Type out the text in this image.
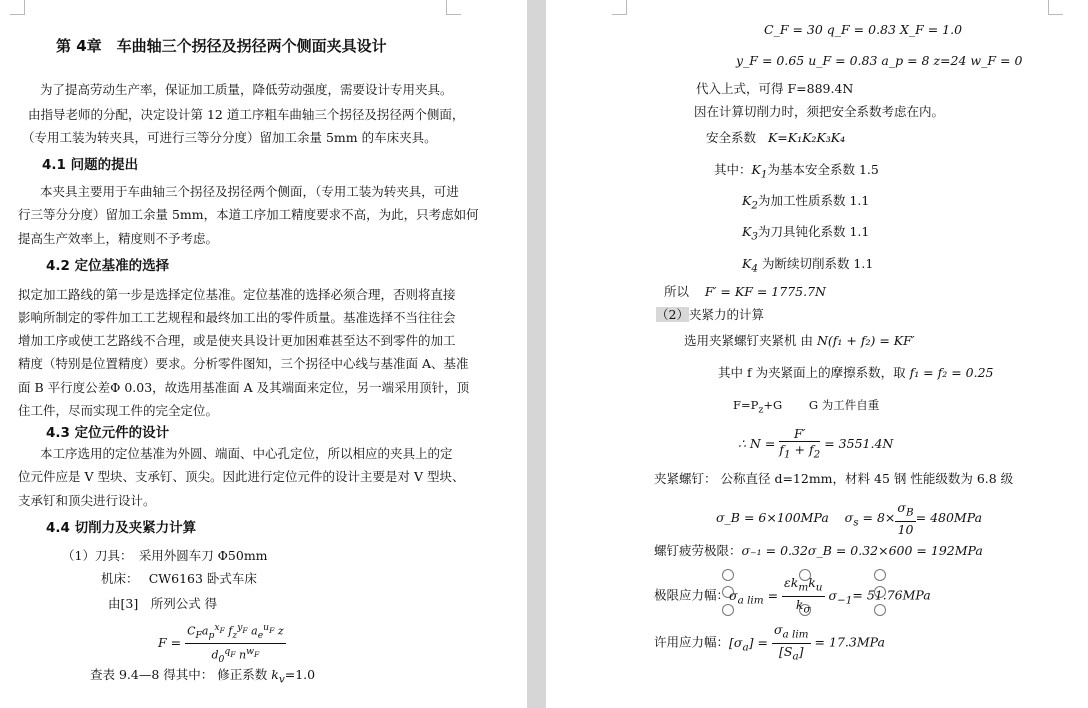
第 4章　车曲轴三个拐径及拐径两个侧面夹具设计
为了提高劳动生产率，保证加工质量，降低劳动强度，需要设计专用夹具。
由指导老师的分配，决定设计第 12 道工序粗车曲轴三个拐径及拐径两个侧面，
（专用工装为转夹具，可进行三等分分度）留加工余量 5mm 的车床夹具。
4.1 问题的提出
本夹具主要用于车曲轴三个拐径及拐径两个侧面，（专用工装为转夹具，可进
行三等分分度）留加工余量 5mm，本道工序加工精度要求不高，为此，只考虑如何
提高生产效率上，精度则不予考虑。
4.2 定位基准的选择
拟定加工路线的第一步是选择定位基准。定位基准的选择必须合理，否则将直接
影响所制定的零件加工工艺规程和最终加工出的零件质量。基准选择不当往往会
增加工序或使工艺路线不合理，或是使夹具设计更加困难甚至达不到零件的加工
精度（特别是位置精度）要求。分析零件图知，三个拐径中心线与基准面 A、基准
面 B 平行度公差Φ 0.03，故选用基准面 A 及其端面来定位，另一端采用顶针，顶
住工件，尽而实现工件的完全定位。
4.3 定位元件的设计
本工序选用的定位基准为外圆、端面、中心孔定位，所以相应的夹具上的定
位元件应是 V 型块、支承钉、顶尖。因此进行定位元件的设计主要是对 V 型块、
支承钉和顶尖进行设计。
4.4 切削力及夹紧力计算
（1）刀具：　采用外圆车刀 Φ50mm
机床：　 CW6163 卧式车床
由[3]　所列公式 得
$F = \frac{C_Fa_p^{x_F} f_z^{y_F} a_e^{u_F} z}{d_0^{q_F} n^{w_F}}$
查表 9.4—8 得其中： 修正系数 $k_v=1.0$
C_F = 30 q_F = 0.83 X_F = 1.0
y_F = 0.65 u_F = 0.83 a_p = 8 z=24 w_F = 0
代入上式，可得 F=889.4N
因在计算切削力时，须把安全系数考虑在内。
安全系数 K=K₁K₂K₃K₄
其中：$K_1$为基本安全系数 1.5
$K_2$为加工性质系数 1.1
$K_3$为刀具钝化系数 1.1
$K_4$ 为断续切削系数 1.1
所以 F′ = KF = 1775.7N
（2）夹紧力的计算
选用夹紧螺钉夹紧机 由 N(f₁ + f₂) = KF′
其中 f 为夹紧面上的摩擦系数，取 f₁ = f₂ = 0.25
$F=P_z+G$　　 G 为工件自重
∴ $N = \frac{F'}{f_1 + f_2} = 3551.4N$
夹紧螺钉： 公称直径 d=12mm，材料 45 钢 性能级数为 6.8 级
σ_B = 6×100MPa    $\sigma_s = 8\times \frac{\sigma_B}{10} = 480MPa$
螺钉疲劳极限：σ₋₁ = 0.32σ_B = 0.32×600 = 192MPa
极限应力幅：$\sigma_{a lim} = \frac{\varepsilon k_mk_u}{k_\sigma} \sigma_{-1}= 51.76MPa$
许用应力幅：$[\sigma_a] = \frac{\sigma_{a lim}}{[S_a]} = 17.3MPa$
